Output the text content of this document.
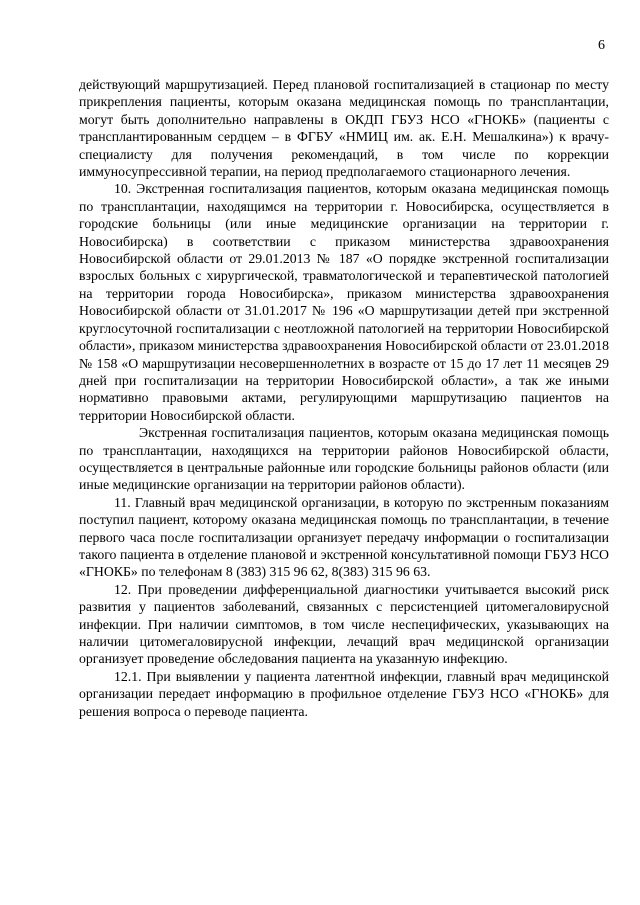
6

действующий маршрутизацией. Перед плановой госпитализацией в стационар по месту прикрепления пациенты, которым оказана медицинская помощь по трансплантации, могут быть дополнительно направлены в ОКДП ГБУЗ НСО «ГНОКБ» (пациенты с трансплантированным сердцем – в ФГБУ «НМИЦ им. ак. Е.Н. Мешалкина») к врачу-специалисту для получения рекомендаций, в том числе по коррекции иммуносупрессивной терапии, на период предполагаемого стационарного лечения.

10. Экстренная госпитализация пациентов, которым оказана медицинская помощь по трансплантации, находящимся на территории г. Новосибирска, осуществляется в городские больницы (или иные медицинские организации на территории г. Новосибирска) в соответствии с приказом министерства здравоохранения Новосибирской области от 29.01.2013 № 187 «О порядке экстренной госпитализации взрослых больных с хирургической, травматологической и терапевтической патологией на территории города Новосибирска», приказом министерства здравоохранения Новосибирской области от 31.01.2017 № 196 «О маршрутизации детей при экстренной круглосуточной госпитализации с неотложной патологией на территории Новосибирской области», приказом министерства здравоохранения Новосибирской области от 23.01.2018 № 158 «О маршрутизации несовершеннолетних в возрасте от 15 до 17 лет 11 месяцев 29 дней при госпитализации на территории Новосибирской области», а так же иными нормативно правовыми актами, регулирующими маршрутизацию пациентов на территории Новосибирской области.

Экстренная госпитализация пациентов, которым оказана медицинская помощь по трансплантации, находящихся на территории районов Новосибирской области, осуществляется в центральные районные или городские больницы районов области (или иные медицинские организации на территории районов области).

11. Главный врач медицинской организации, в которую по экстренным показаниям поступил пациент, которому оказана медицинская помощь по трансплантации, в течение первого часа после госпитализации организует передачу информации о госпитализации такого пациента в отделение плановой и экстренной консультативной помощи ГБУЗ НСО «ГНОКБ» по телефонам 8 (383) 315 96 62, 8(383) 315 96 63.

12. При проведении дифференциальной диагностики учитывается высокий риск развития у пациентов заболеваний, связанных с персистенцией цитомегаловирусной инфекции. При наличии симптомов, в том числе неспецифических, указывающих на наличии цитомегаловирусной инфекции, лечащий врач медицинской организации организует проведение обследования пациента на указанную инфекцию.

12.1. При выявлении у пациента латентной инфекции, главный врач медицинской организации передает информацию в профильное отделение ГБУЗ НСО «ГНОКБ» для решения вопроса о переводе пациента.
